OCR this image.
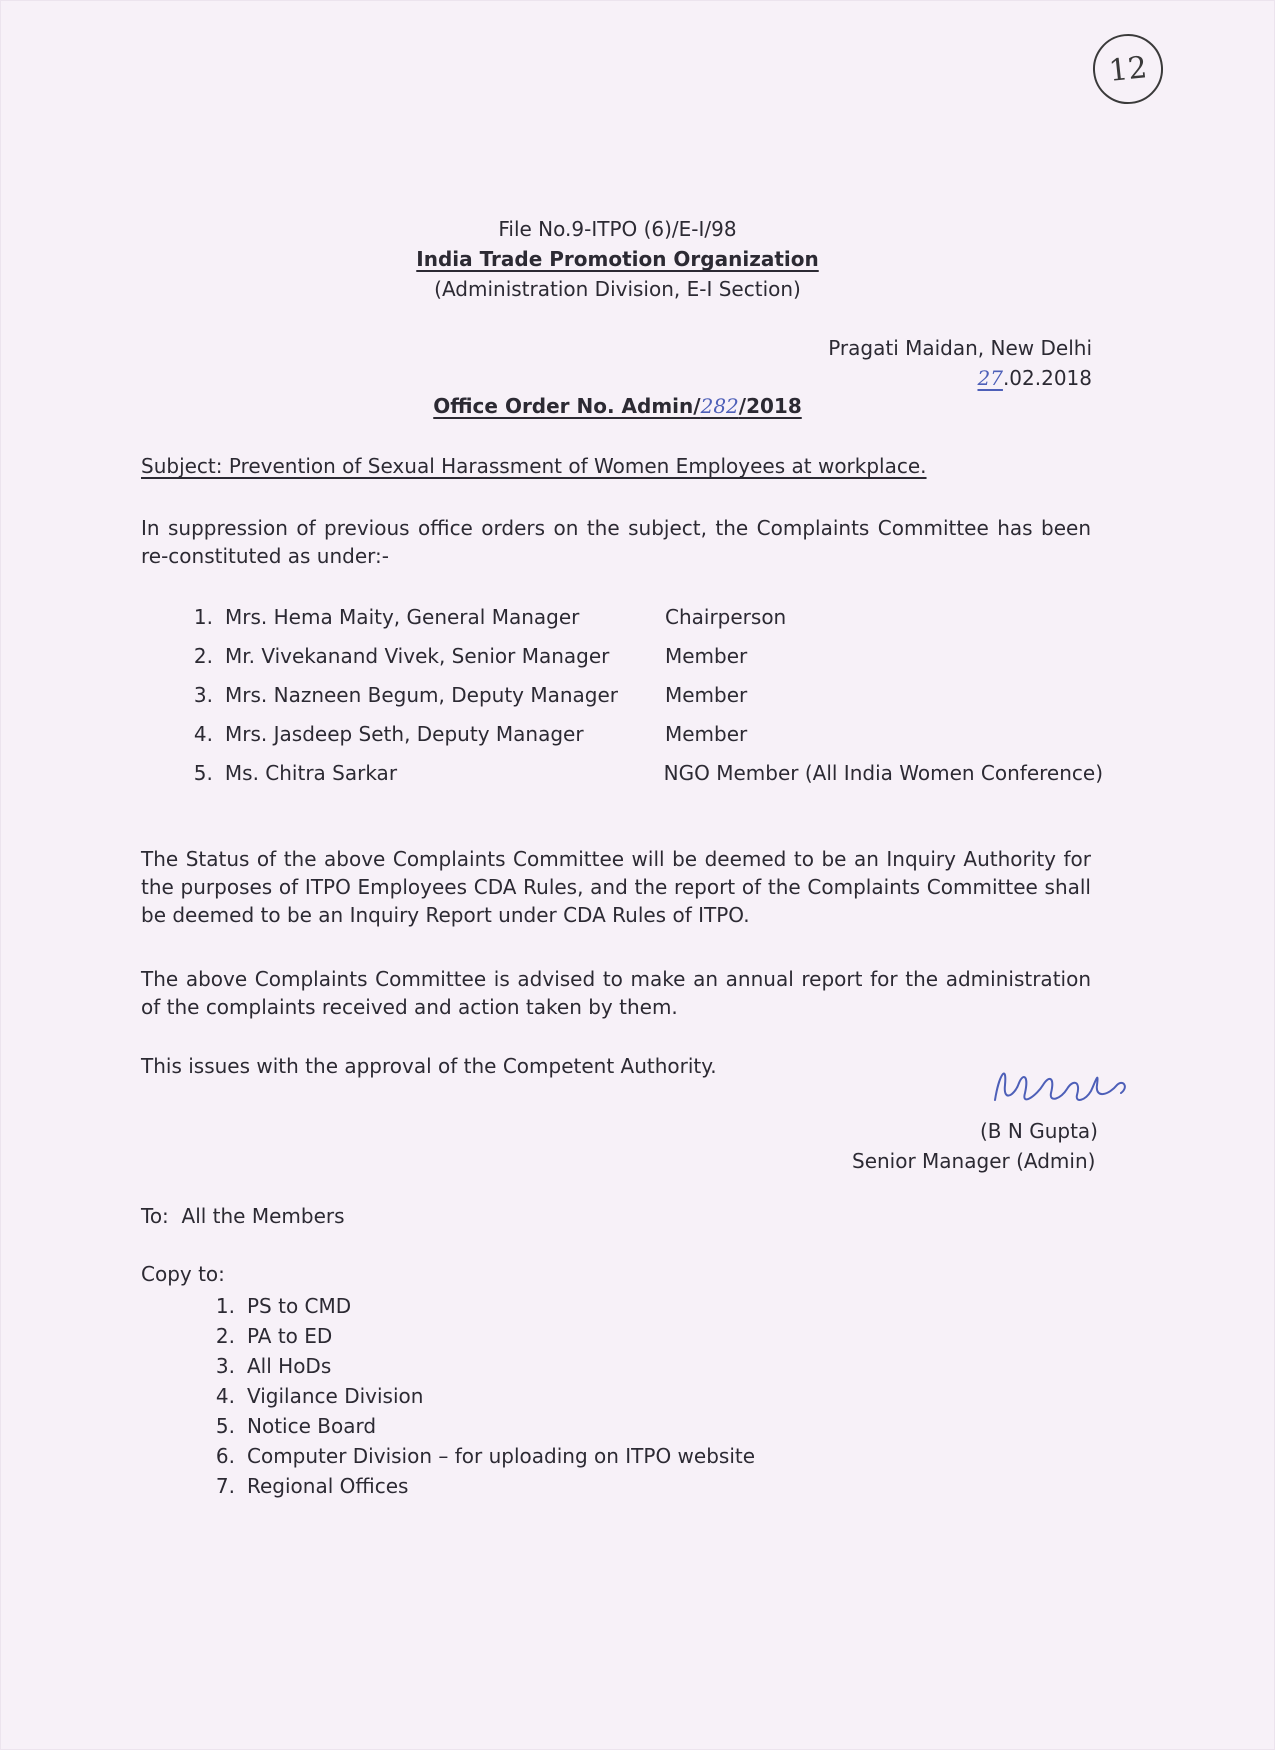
12
File No.9-ITPO (6)/E-I/98
India Trade Promotion Organization
(Administration Division, E-I Section)
Pragati Maidan, New Delhi
27.02.2018
Office Order No. Admin/282/2018
Subject: Prevention of Sexual Harassment of Women Employees at workplace.
In suppression of previous office orders on the subject, the Complaints Committee has been re-constituted as under:-
1. Mrs. Hema Maity, General Manager	Chairperson
2. Mr. Vivekanand Vivek, Senior Manager	Member
3. Mrs. Nazneen Begum, Deputy Manager	Member
4. Mrs. Jasdeep Seth, Deputy Manager	Member
5. Ms. Chitra Sarkar	NGO Member (All India Women Conference)
The Status of the above Complaints Committee will be deemed to be an Inquiry Authority for the purposes of ITPO Employees CDA Rules, and the report of the Complaints Committee shall be deemed to be an Inquiry Report under CDA Rules of ITPO.
The above Complaints Committee is advised to make an annual report for the administration of the complaints received and action taken by them.
This issues with the approval of the Competent Authority.
(B N Gupta)
Senior Manager (Admin)
To:  All the Members
Copy to:
1. PS to CMD
2. PA to ED
3. All HoDs
4. Vigilance Division
5. Notice Board
6. Computer Division – for uploading on ITPO website
7. Regional Offices
